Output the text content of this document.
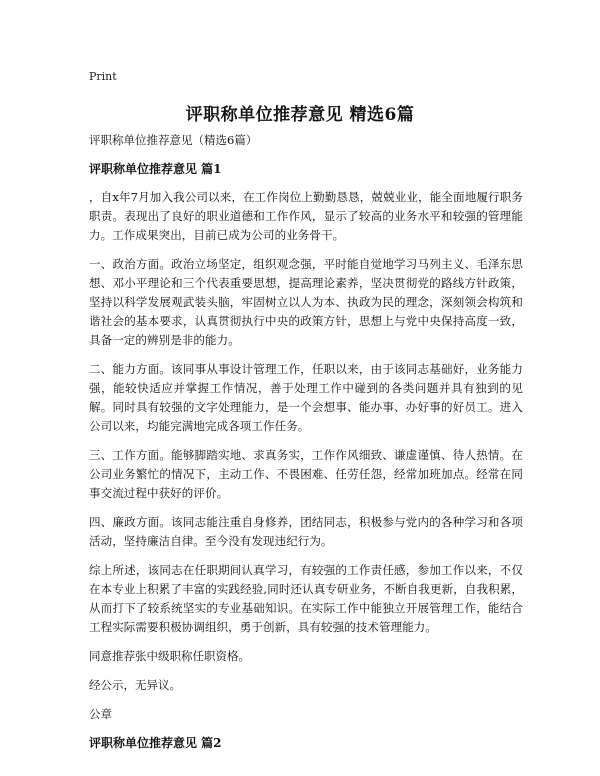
Print
评职称单位推荐意见 精选6篇

评职称单位推荐意见（精选6篇）

评职称单位推荐意见 篇1

，自x年7月加入我公司以来，在工作岗位上勤勤恳恳，兢兢业业，能全面地履行职务职责。表现出了良好的职业道德和工作作风，显示了较高的业务水平和较强的管理能力。工作成果突出，目前已成为公司的业务骨干。

一、政治方面。政治立场坚定，组织观念强，平时能自觉地学习马列主义、毛泽东思想、邓小平理论和三个代表重要思想，提高理论素养，坚决贯彻党的路线方针政策，坚持以科学发展观武装头脑，牢固树立以人为本、执政为民的理念，深刻领会构筑和谐社会的基本要求，认真贯彻执行中央的政策方针，思想上与党中央保持高度一致，具备一定的辨别是非的能力。

二、能力方面。该同事从事设计管理工作，任职以来，由于该同志基础好，业务能力强，能较快适应并掌握工作情况，善于处理工作中碰到的各类问题并具有独到的见解。同时具有较强的文字处理能力，是一个会想事、能办事、办好事的好员工。进入公司以来，均能完满地完成各项工作任务。

三、工作方面。能够脚踏实地、求真务实，工作作风细致、谦虚谨慎、待人热情。在公司业务繁忙的情况下，主动工作、不畏困难、任劳任怨，经常加班加点。经常在同事交流过程中获好的评价。

四、廉政方面。该同志能注重自身修养，团结同志，积极参与党内的各种学习和各项活动，坚持廉洁自律。至今没有发现违纪行为。

综上所述，该同志在任职期间认真学习，有较强的工作责任感，参加工作以来，不仅在本专业上积累了丰富的实践经验,同时还认真专研业务，不断自我更新，自我积累，从而打下了较系统坚实的专业基础知识。在实际工作中能独立开展管理工作，能结合工程实际需要积极协调组织，勇于创新，具有较强的技术管理能力。

同意推荐张中级职称任职资格。

经公示，无异议。

公章

评职称单位推荐意见 篇2
